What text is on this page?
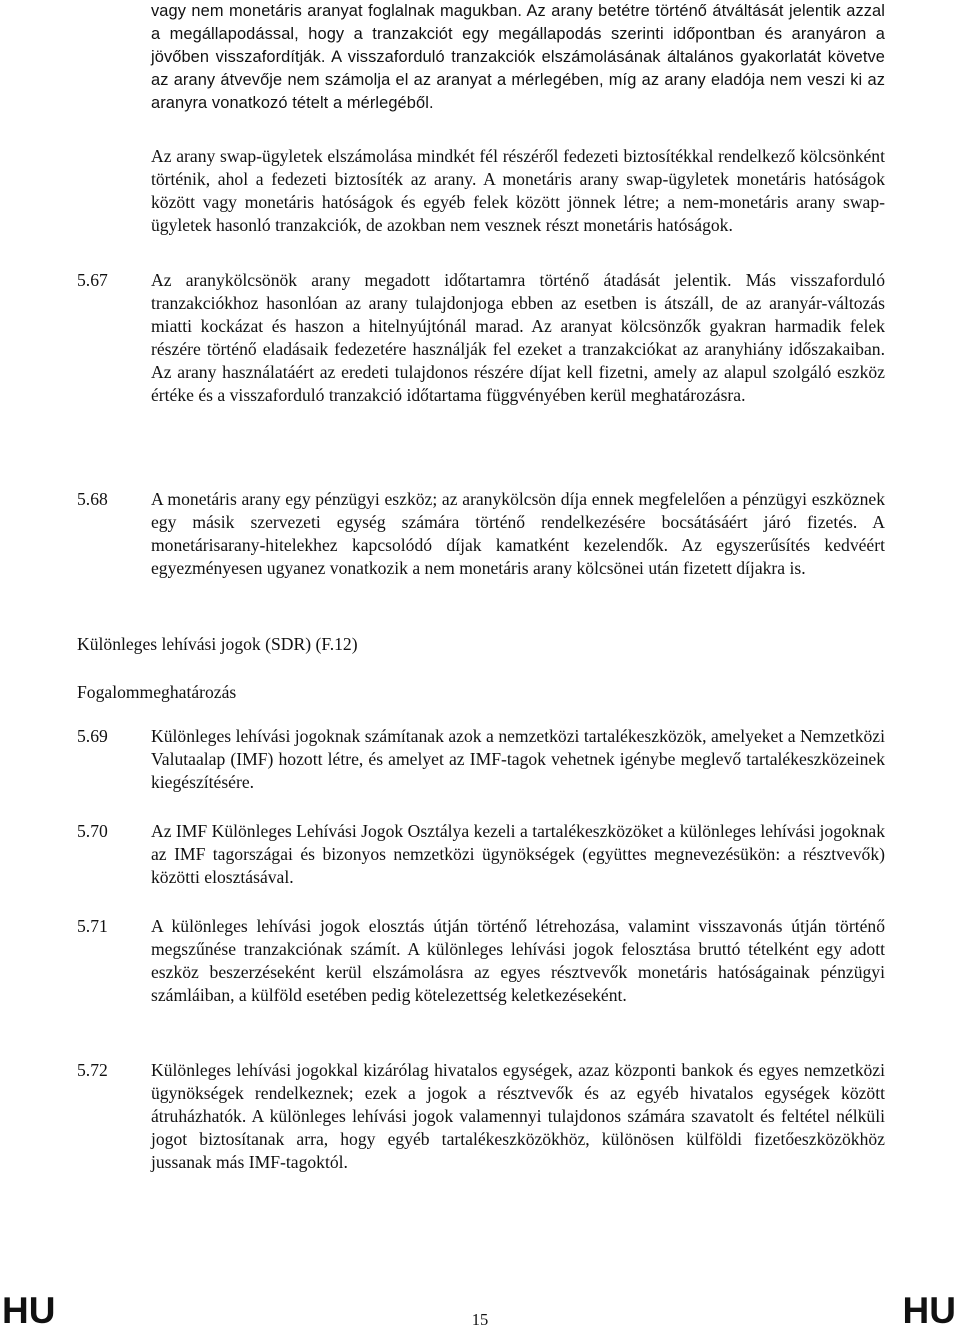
vagy nem monetáris aranyat foglalnak magukban. Az arany betétre történő átváltását jelentik azzal a megállapodással, hogy a tranzakciót egy megállapodás szerinti időpontban és aranyáron a jövőben visszafordítják. A visszaforduló tranzakciók elszámolásának általános gyakorlatát követve az arany átvevője nem számolja el az aranyat a mérlegében, míg az arany eladója nem veszi ki az aranyra vonatkozó tételt a mérlegéből.

Az arany swap-ügyletek elszámolása mindkét fél részéről fedezeti biztosítékkal rendelkező kölcsönként történik, ahol a fedezeti biztosíték az arany. A monetáris arany swap-ügyletek monetáris hatóságok között vagy monetáris hatóságok és egyéb felek között jönnek létre; a nem-monetáris arany swap-ügyletek hasonló tranzakciók, de azokban nem vesznek részt monetáris hatóságok.

5.67 Az aranykölcsönök arany megadott időtartamra történő átadását jelentik. Más visszaforduló tranzakciókhoz hasonlóan az arany tulajdonjoga ebben az esetben is átszáll, de az aranyár-változás miatti kockázat és haszon a hitelnyújtónál marad. Az aranyat kölcsönzők gyakran harmadik felek részére történő eladásaik fedezetére használják fel ezeket a tranzakciókat az aranyhiány időszakaiban. Az arany használatáért az eredeti tulajdonos részére díjat kell fizetni, amely az alapul szolgáló eszköz értéke és a visszaforduló tranzakció időtartama függvényében kerül meghatározásra.

5.68 A monetáris arany egy pénzügyi eszköz; az aranykölcsön díja ennek megfelelően a pénzügyi eszköznek egy másik szervezeti egység számára történő rendelkezésére bocsátásáért járó fizetés. A monetárisarany-hitelekhez kapcsolódó díjak kamatként kezelendők. Az egyszerűsítés kedvéért egyezményesen ugyanez vonatkozik a nem monetáris arany kölcsönei után fizetett díjakra is.

Különleges lehívási jogok (SDR) (F.12)

Fogalommeghatározás

5.69 Különleges lehívási jogoknak számítanak azok a nemzetközi tartalékeszközök, amelyeket a Nemzetközi Valutaalap (IMF) hozott létre, és amelyet az IMF-tagok vehetnek igénybe meglevő tartalékeszközeinek kiegészítésére.

5.70 Az IMF Különleges Lehívási Jogok Osztálya kezeli a tartalékeszközöket a különleges lehívási jogoknak az IMF tagországai és bizonyos nemzetközi ügynökségek (együttes megnevezésükön: a résztvevők) közötti elosztásával.

5.71 A különleges lehívási jogok elosztás útján történő létrehozása, valamint visszavonás útján történő megszűnése tranzakciónak számít. A különleges lehívási jogok felosztása bruttó tételként egy adott eszköz beszerzéseként kerül elszámolásra az egyes résztvevők monetáris hatóságainak pénzügyi számláiban, a külföld esetében pedig kötelezettség keletkezéseként.

5.72 Különleges lehívási jogokkal kizárólag hivatalos egységek, azaz központi bankok és egyes nemzetközi ügynökségek rendelkeznek; ezek a jogok a résztvevők és az egyéb hivatalos egységek között átruházhatók. A különleges lehívási jogok valamennyi tulajdonos számára szavatolt és feltétel nélküli jogot biztosítanak arra, hogy egyéb tartalékeszközökhöz, különösen külföldi fizetőeszközökhöz jussanak más IMF-tagoktól.

HU	15	HU
